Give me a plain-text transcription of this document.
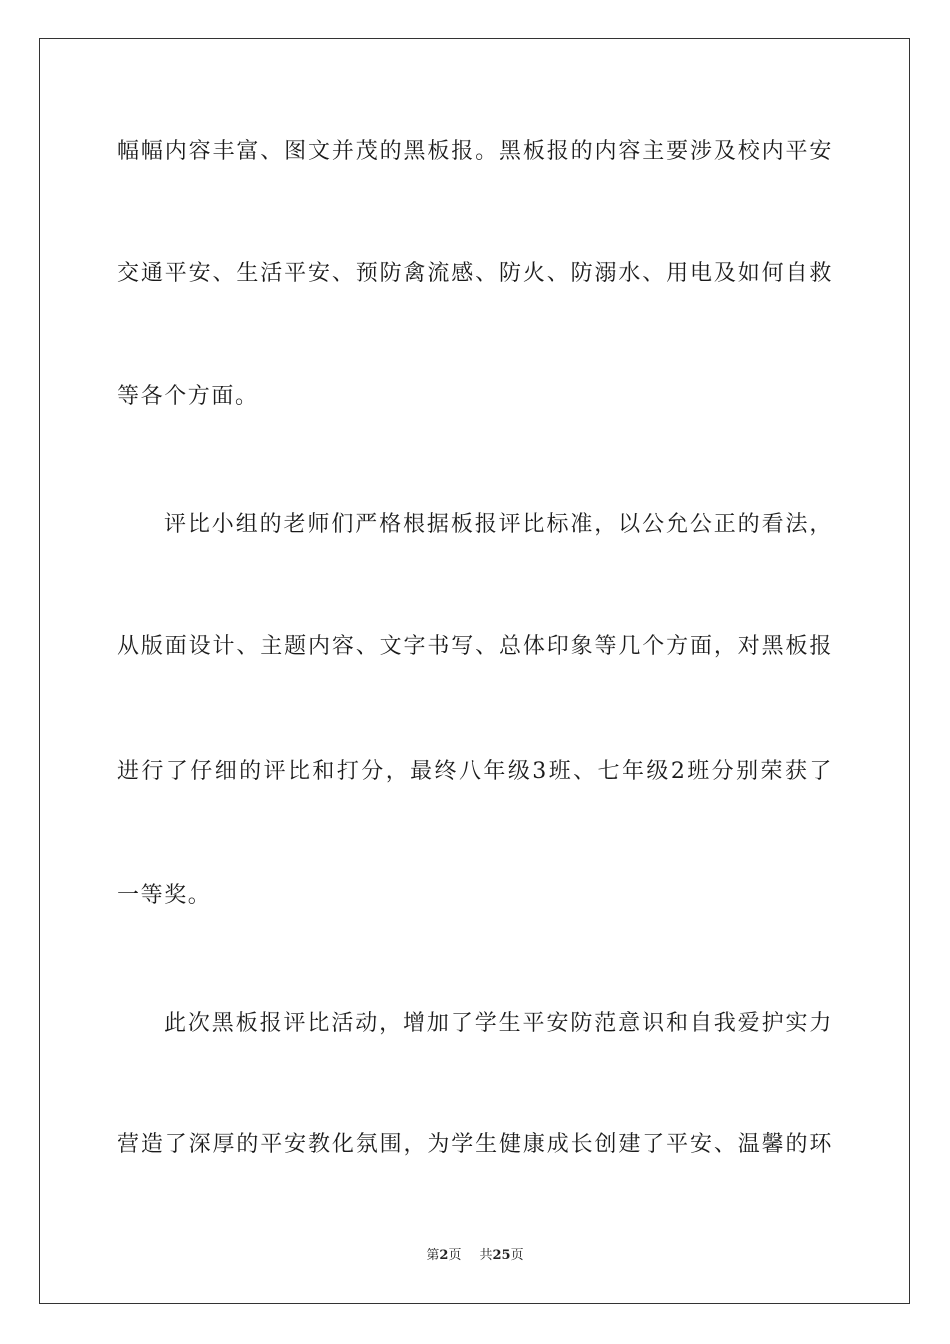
幅幅内容丰富、图文并茂的黑板报。黑板报的内容主要涉及校内平安
交通平安、生活平安、预防禽流感、防火、防溺水、用电及如何自救
等各个方面。
评比小组的老师们严格根据板报评比标准，以公允公正的看法，
从版面设计、主题内容、文字书写、总体印象等几个方面，对黑板报
进行了仔细的评比和打分，最终八年级3班、七年级2班分别荣获了
一等奖。
此次黑板报评比活动，增加了学生平安防范意识和自我爱护实力
营造了深厚的平安教化氛围，为学生健康成长创建了平安、温馨的环
第2页 共25页
